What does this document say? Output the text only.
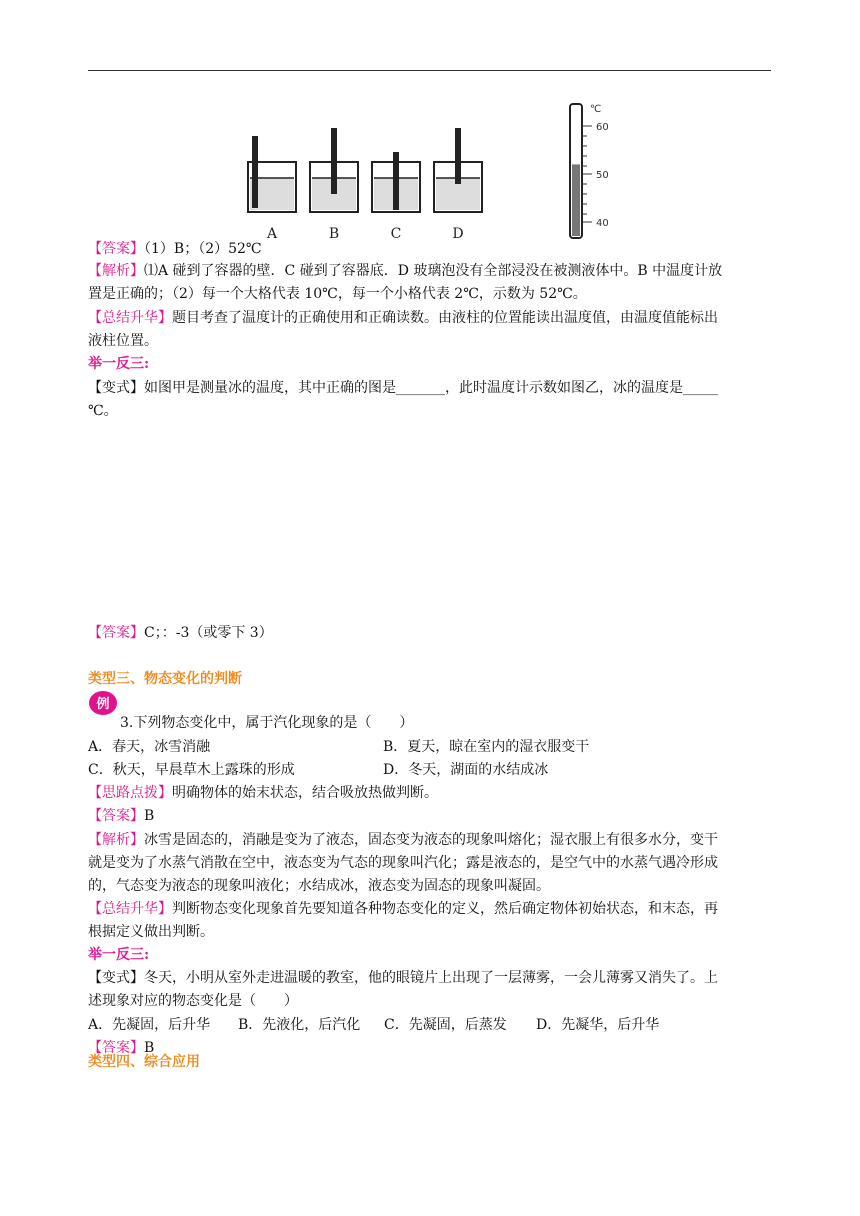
A	B	C	D
℃
60
50
40
【答案】（1）B；（2）52℃
【解析】⑴A 碰到了容器的壁．C 碰到了容器底．D 玻璃泡没有全部浸没在被测液体中。B 中温度计放
置是正确的；（2）每一个大格代表 10℃，每一个小格代表 2℃，示数为 52℃。
【总结升华】题目考查了温度计的正确使用和正确读数。由液柱的位置能读出温度值，由温度值能标出
液柱位置。
举一反三:
【变式】如图甲是测量冰的温度，其中正确的图是_______，此时温度计示数如图乙，冰的温度是_____
℃。
【答案】C；：-3（或零下 3）
类型三、物态变化的判断
例
3.下列物态变化中，属于汽化现象的是（　　）
A．春天，冰雪消融	B．夏天，晾在室内的湿衣服变干
C．秋天，早晨草木上露珠的形成	D．冬天，湖面的水结成冰
【思路点拨】明确物体的始末状态，结合吸放热做判断。
【答案】B
【解析】冰雪是固态的，消融是变为了液态，固态变为液态的现象叫熔化；湿衣服上有很多水分，变干
就是变为了水蒸气消散在空中，液态变为气态的现象叫汽化；露是液态的，是空气中的水蒸气遇冷形成
的，气态变为液态的现象叫液化；水结成冰，液态变为固态的现象叫凝固。
【总结升华】判断物态变化现象首先要知道各种物态变化的定义，然后确定物体初始状态，和末态，再
根据定义做出判断。
举一反三:
【变式】冬天，小明从室外走进温暖的教室，他的眼镜片上出现了一层薄雾，一会儿薄雾又消失了。上
述现象对应的物态变化是（　　）
A．先凝固，后升华 B．先液化，后汽化 C．先凝固，后蒸发 D．先凝华，后升华
【答案】B
类型四、综合应用
